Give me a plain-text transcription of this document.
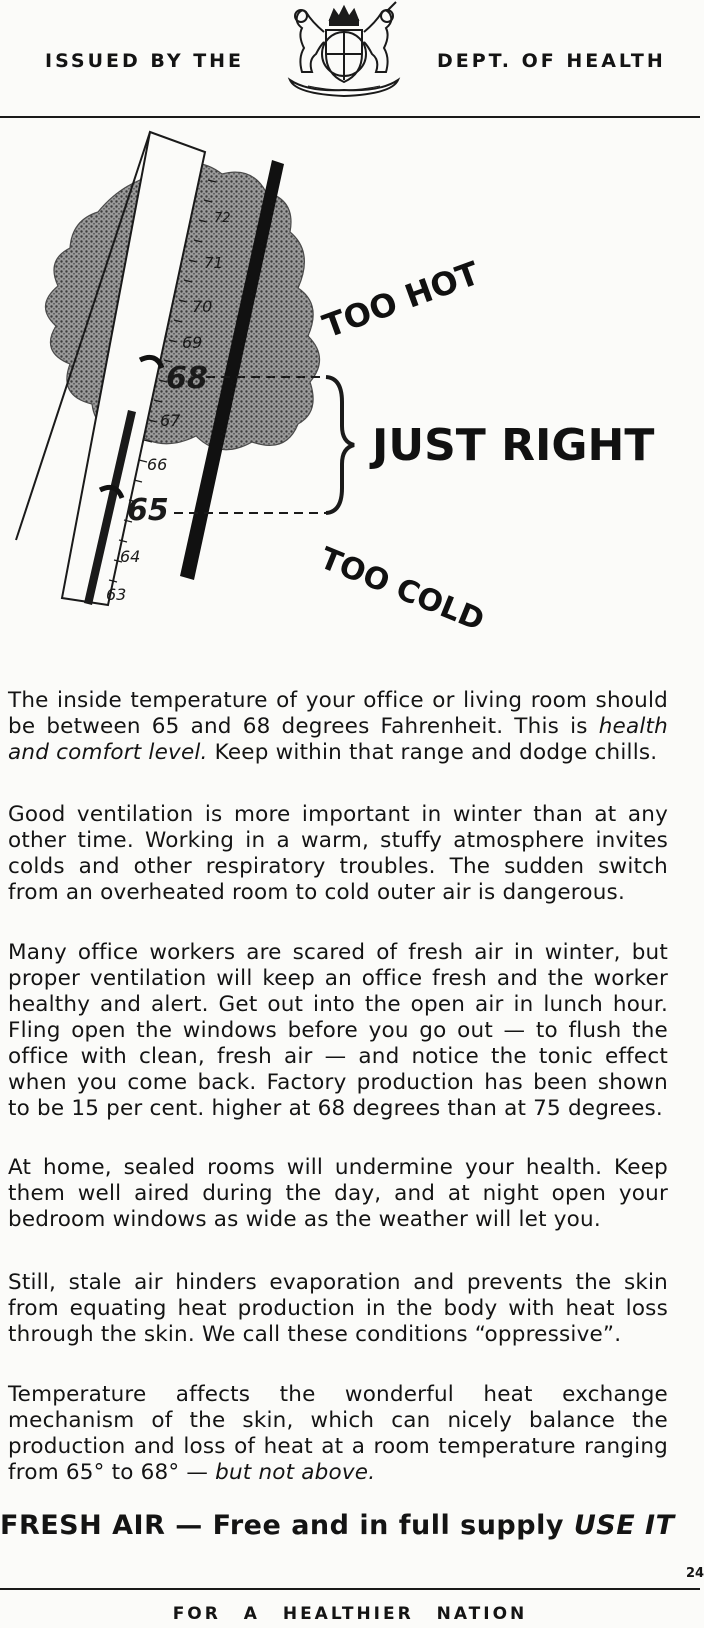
ISSUED BY THE	DEPT. OF HEALTH
72
71
70
69
68
67
66
65
64
63
TOO HOT
JUST RIGHT
TOO COLD

The inside temperature of your office or living room should be between 65 and 68 degrees Fahrenheit. This is health and comfort level. Keep within that range and dodge chills.

Good ventilation is more important in winter than at any other time. Working in a warm, stuffy atmosphere invites colds and other respiratory troubles. The sudden switch from an overheated room to cold outer air is dangerous.

Many office workers are scared of fresh air in winter, but proper ventilation will keep an office fresh and the worker healthy and alert. Get out into the open air in lunch hour. Fling open the windows before you go out — to flush the office with clean, fresh air — and notice the tonic effect when you come back. Factory production has been shown to be 15 per cent. higher at 68 degrees than at 75 degrees.

At home, sealed rooms will undermine your health. Keep them well aired during the day, and at night open your bedroom windows as wide as the weather will let you.

Still, stale air hinders evaporation and prevents the skin from equating heat production in the body with heat loss through the skin. We call these conditions “oppressive”.

Temperature affects the wonderful heat exchange mechanism of the skin, which can nicely balance the production and loss of heat at a room temperature ranging from 65° to 68° — but not above.

FRESH AIR — Free and in full supply USE IT
24
FOR A HEALTHIER NATION
